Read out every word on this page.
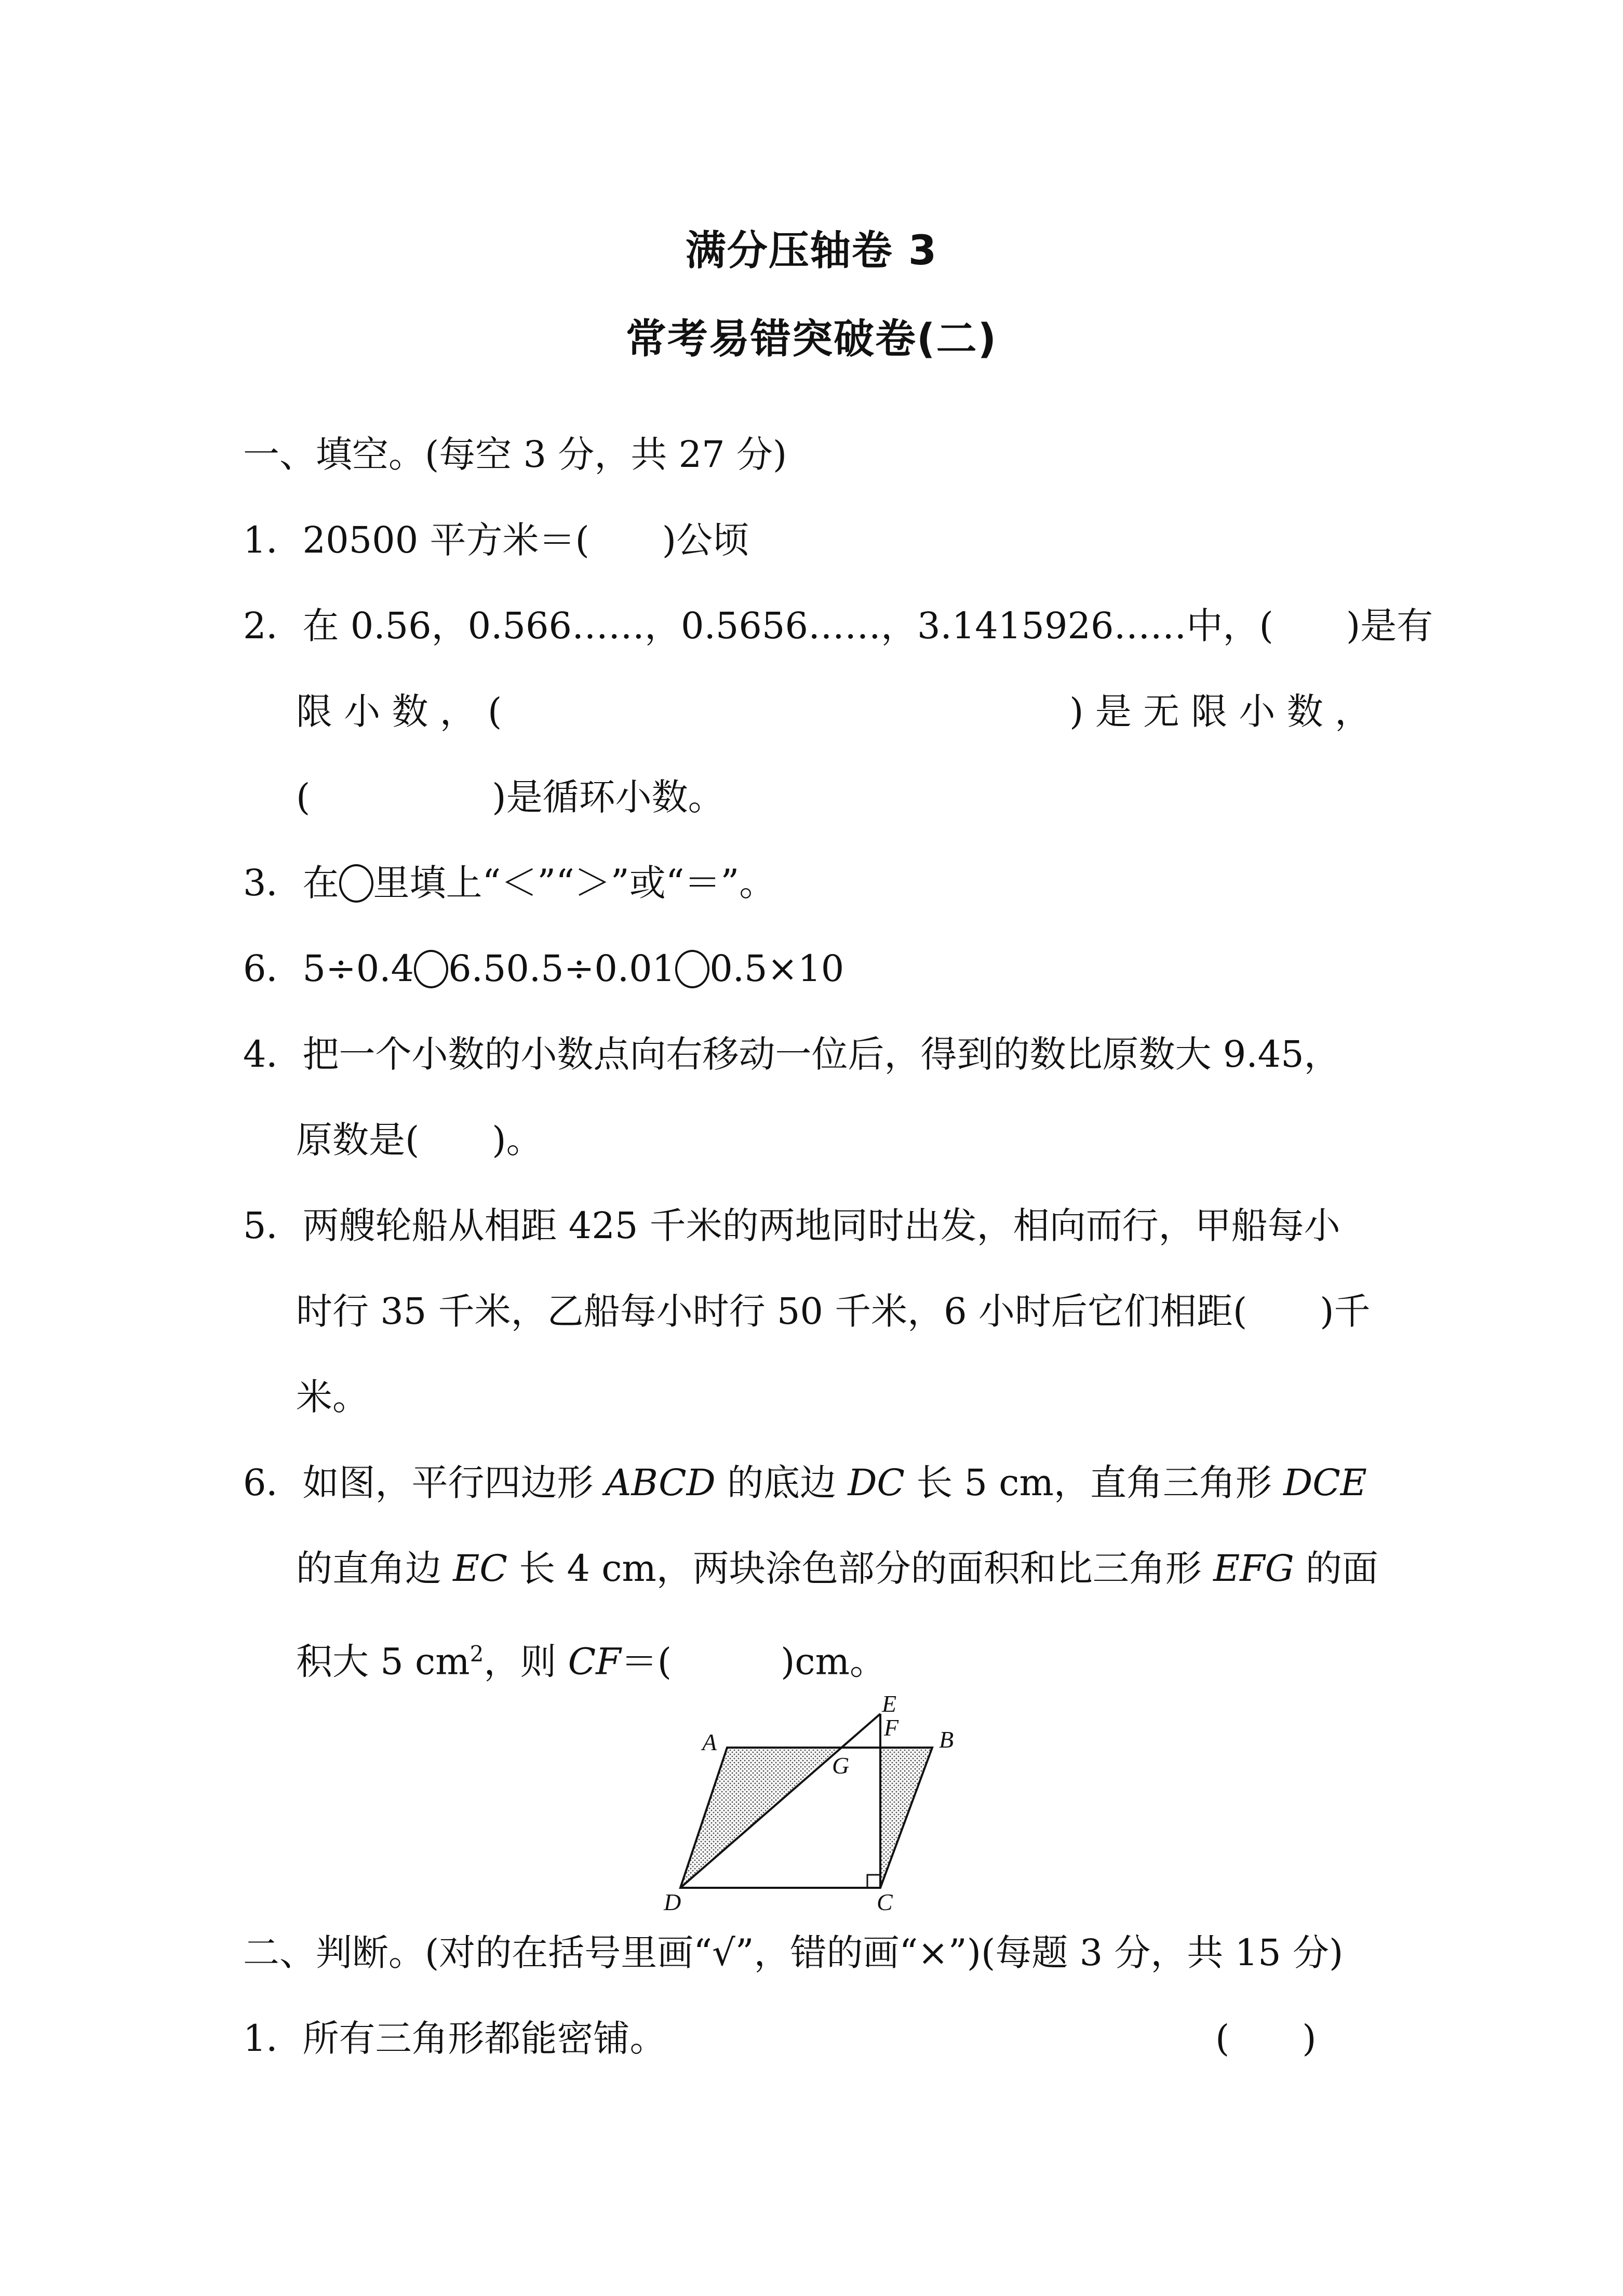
满分压轴卷 3
常考易错突破卷(二)
一、填空。(每空 3 分，共 27 分)
1．20500 平方米＝(　　)公顷
2．在 0.56，0.566……，0.5656……，3.1415926……中，(　　)是有
限 小 数 ， (	) 是 无 限 小 数 ，
(　　　　　)是循环小数。
3．在 里填上“＜”“＞”或“＝”。
6．5÷0.4 6.50.5÷0.01 0.5×10
4．把一个小数的小数点向右移动一位后，得到的数比原数大 9.45，
原数是(　　)。
5．两艘轮船从相距 425 千米的两地同时出发，相向而行，甲船每小
时行 35 千米，乙船每小时行 50 千米，6 小时后它们相距(　　)千
米。
6．如图，平行四边形 ABCD 的底边 DC 长 5 cm，直角三角形 DCE
的直角边 EC 长 4 cm，两块涂色部分的面积和比三角形 EFG 的面
积大 5 $cm^2$，则 CF＝(　　　)cm。
A	B
C
D
E
F
G
二、判断。(对的在括号里画“√”，错的画“×”)(每题 3 分，共 15 分)
1．所有三角形都能密铺。	(　　)
